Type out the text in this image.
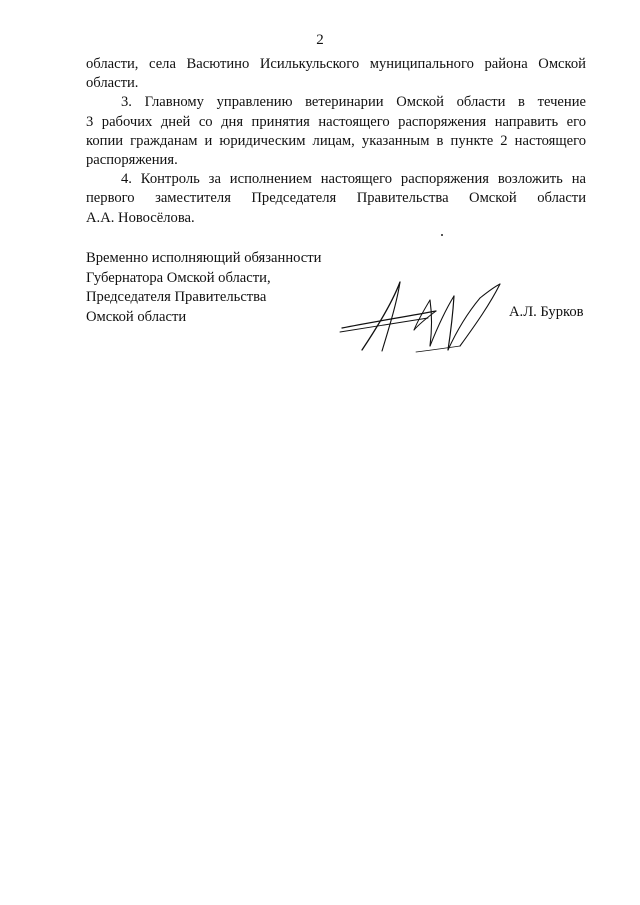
2
области, села Васютино Исилькульского муниципального района Омской
области.
3. Главному управлению ветеринарии Омской области в течение
3 рабочих дней со дня принятия настоящего распоряжения направить его
копии гражданам и юридическим лицам, указанным в пункте 2 настоящего
распоряжения.
4. Контроль за исполнением настоящего распоряжения возложить на
первого заместителя Председателя Правительства Омской области
А.А. Новосёлова.
Временно исполняющий обязанности
Губернатора Омской области,
Председателя Правительства
Омской области	А.Л. Бурков
